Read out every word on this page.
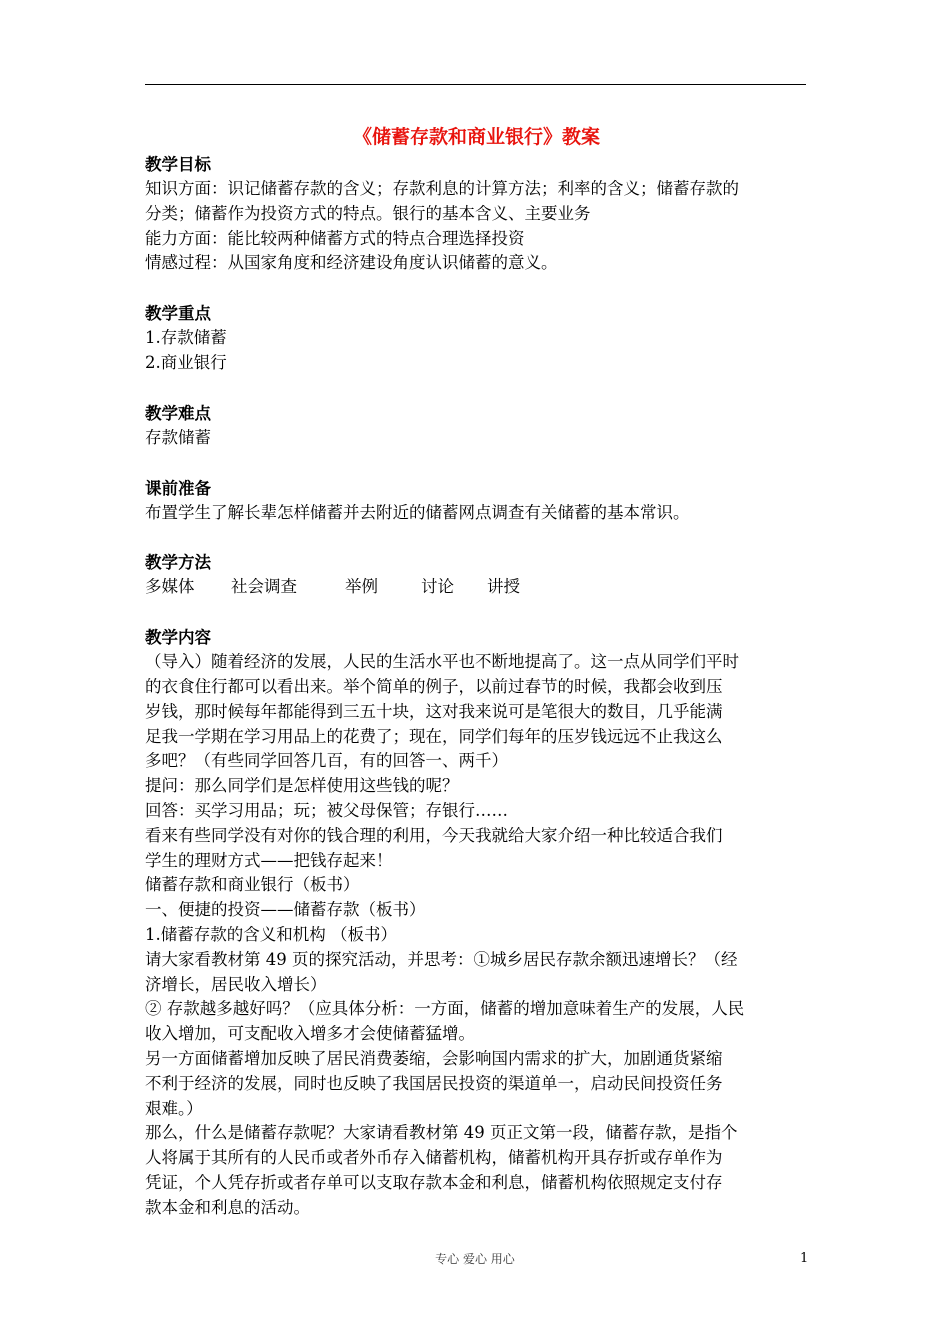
《储蓄存款和商业银行》教案
教学目标

知识方面：识记储蓄存款的含义；存款利息的计算方法；利率的含义；储蓄存款的

分类；储蓄作为投资方式的特点。银行的基本含义、主要业务

能力方面：能比较两种储蓄方式的特点合理选择投资

情感过程：从国家角度和经济建设角度认识储蓄的意义。

教学重点

1.存款储蓄

2.商业银行

教学难点

存款储蓄

课前准备

布置学生了解长辈怎样储蓄并去附近的储蓄网点调查有关储蓄的基本常识。

教学方法
多媒体	社会调查	举例	讨论	讲授
教学内容

（导入）随着经济的发展，人民的生活水平也不断地提高了。这一点从同学们平时

的衣食住行都可以看出来。举个简单的例子，以前过春节的时候，我都会收到压

岁钱，那时候每年都能得到三五十块，这对我来说可是笔很大的数目，几乎能满

足我一学期在学习用品上的花费了；现在，同学们每年的压岁钱远远不止我这么

多吧？（有些同学回答几百，有的回答一、两千）

提问：那么同学们是怎样使用这些钱的呢？

回答：买学习用品；玩；被父母保管；存银行……

看来有些同学没有对你的钱合理的利用，今天我就给大家介绍一种比较适合我们

学生的理财方式——把钱存起来！

储蓄存款和商业银行（板书）

一、便捷的投资——储蓄存款（板书）

1.储蓄存款的含义和机构 （板书）

请大家看教材第 49 页的探究活动，并思考：①城乡居民存款余额迅速增长？（经

济增长，居民收入增长）

② 存款越多越好吗？（应具体分析：一方面，储蓄的增加意味着生产的发展，人民

收入增加，可支配收入增多才会使储蓄猛增。

另一方面储蓄增加反映了居民消费萎缩，会影响国内需求的扩大，加剧通货紧缩

不利于经济的发展，同时也反映了我国居民投资的渠道单一，启动民间投资任务

艰难。）

那么，什么是储蓄存款呢？大家请看教材第 49 页正文第一段，储蓄存款，是指个

人将属于其所有的人民币或者外币存入储蓄机构，储蓄机构开具存折或存单作为

凭证，个人凭存折或者存单可以支取存款本金和利息，储蓄机构依照规定支付存

款本金和利息的活动。

专心 爱心 用心	1
